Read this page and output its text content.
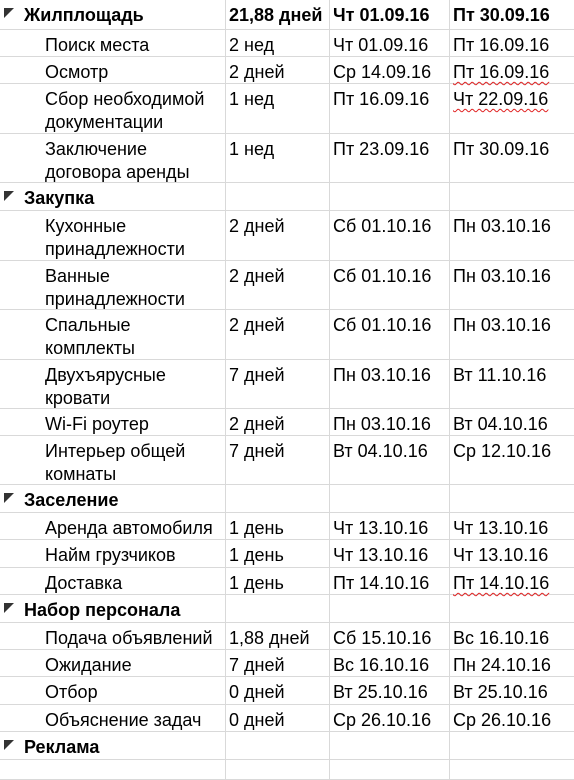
Жилплощадь	21,88 дней Чт 01.09.16	Пт 30.09.16
Поиск места	2 нед	Чт 01.09.16	Пт 16.09.16
Осмотр	2 дней	Ср 14.09.16	Пт 16.09.16
Сбор необходимой
документации
1 нед	Пт 16.09.16	Чт 22.09.16
Заключение
договора аренды
1 нед	Пт 23.09.16	Пт 30.09.16
Закупка
Кухонные
принадлежности
2 дней	Сб 01.10.16	Пн 03.10.16
Ванные
принадлежности
2 дней	Сб 01.10.16	Пн 03.10.16
Спальные
комплекты
2 дней	Сб 01.10.16	Пн 03.10.16
Двухъярусные
кровати
7 дней	Пн 03.10.16	Вт 11.10.16
Wi-Fi роутер	2 дней	Пн 03.10.16	Вт 04.10.16
Интерьер общей
комнаты
7 дней	Вт 04.10.16	Ср 12.10.16
Заселение
Аренда автомобиля 1 день	Чт 13.10.16	Чт 13.10.16
Найм грузчиков	1 день	Чт 13.10.16	Чт 13.10.16
Доставка	1 день	Пт 14.10.16	Пт 14.10.16
Набор персонала
Подача объявлений 1,88 дней	Сб 15.10.16	Вс 16.10.16
Ожидание	7 дней	Вс 16.10.16	Пн 24.10.16
Отбор	0 дней	Вт 25.10.16	Вт 25.10.16
Объяснение задач	0 дней	Ср 26.10.16	Ср 26.10.16
Реклама
